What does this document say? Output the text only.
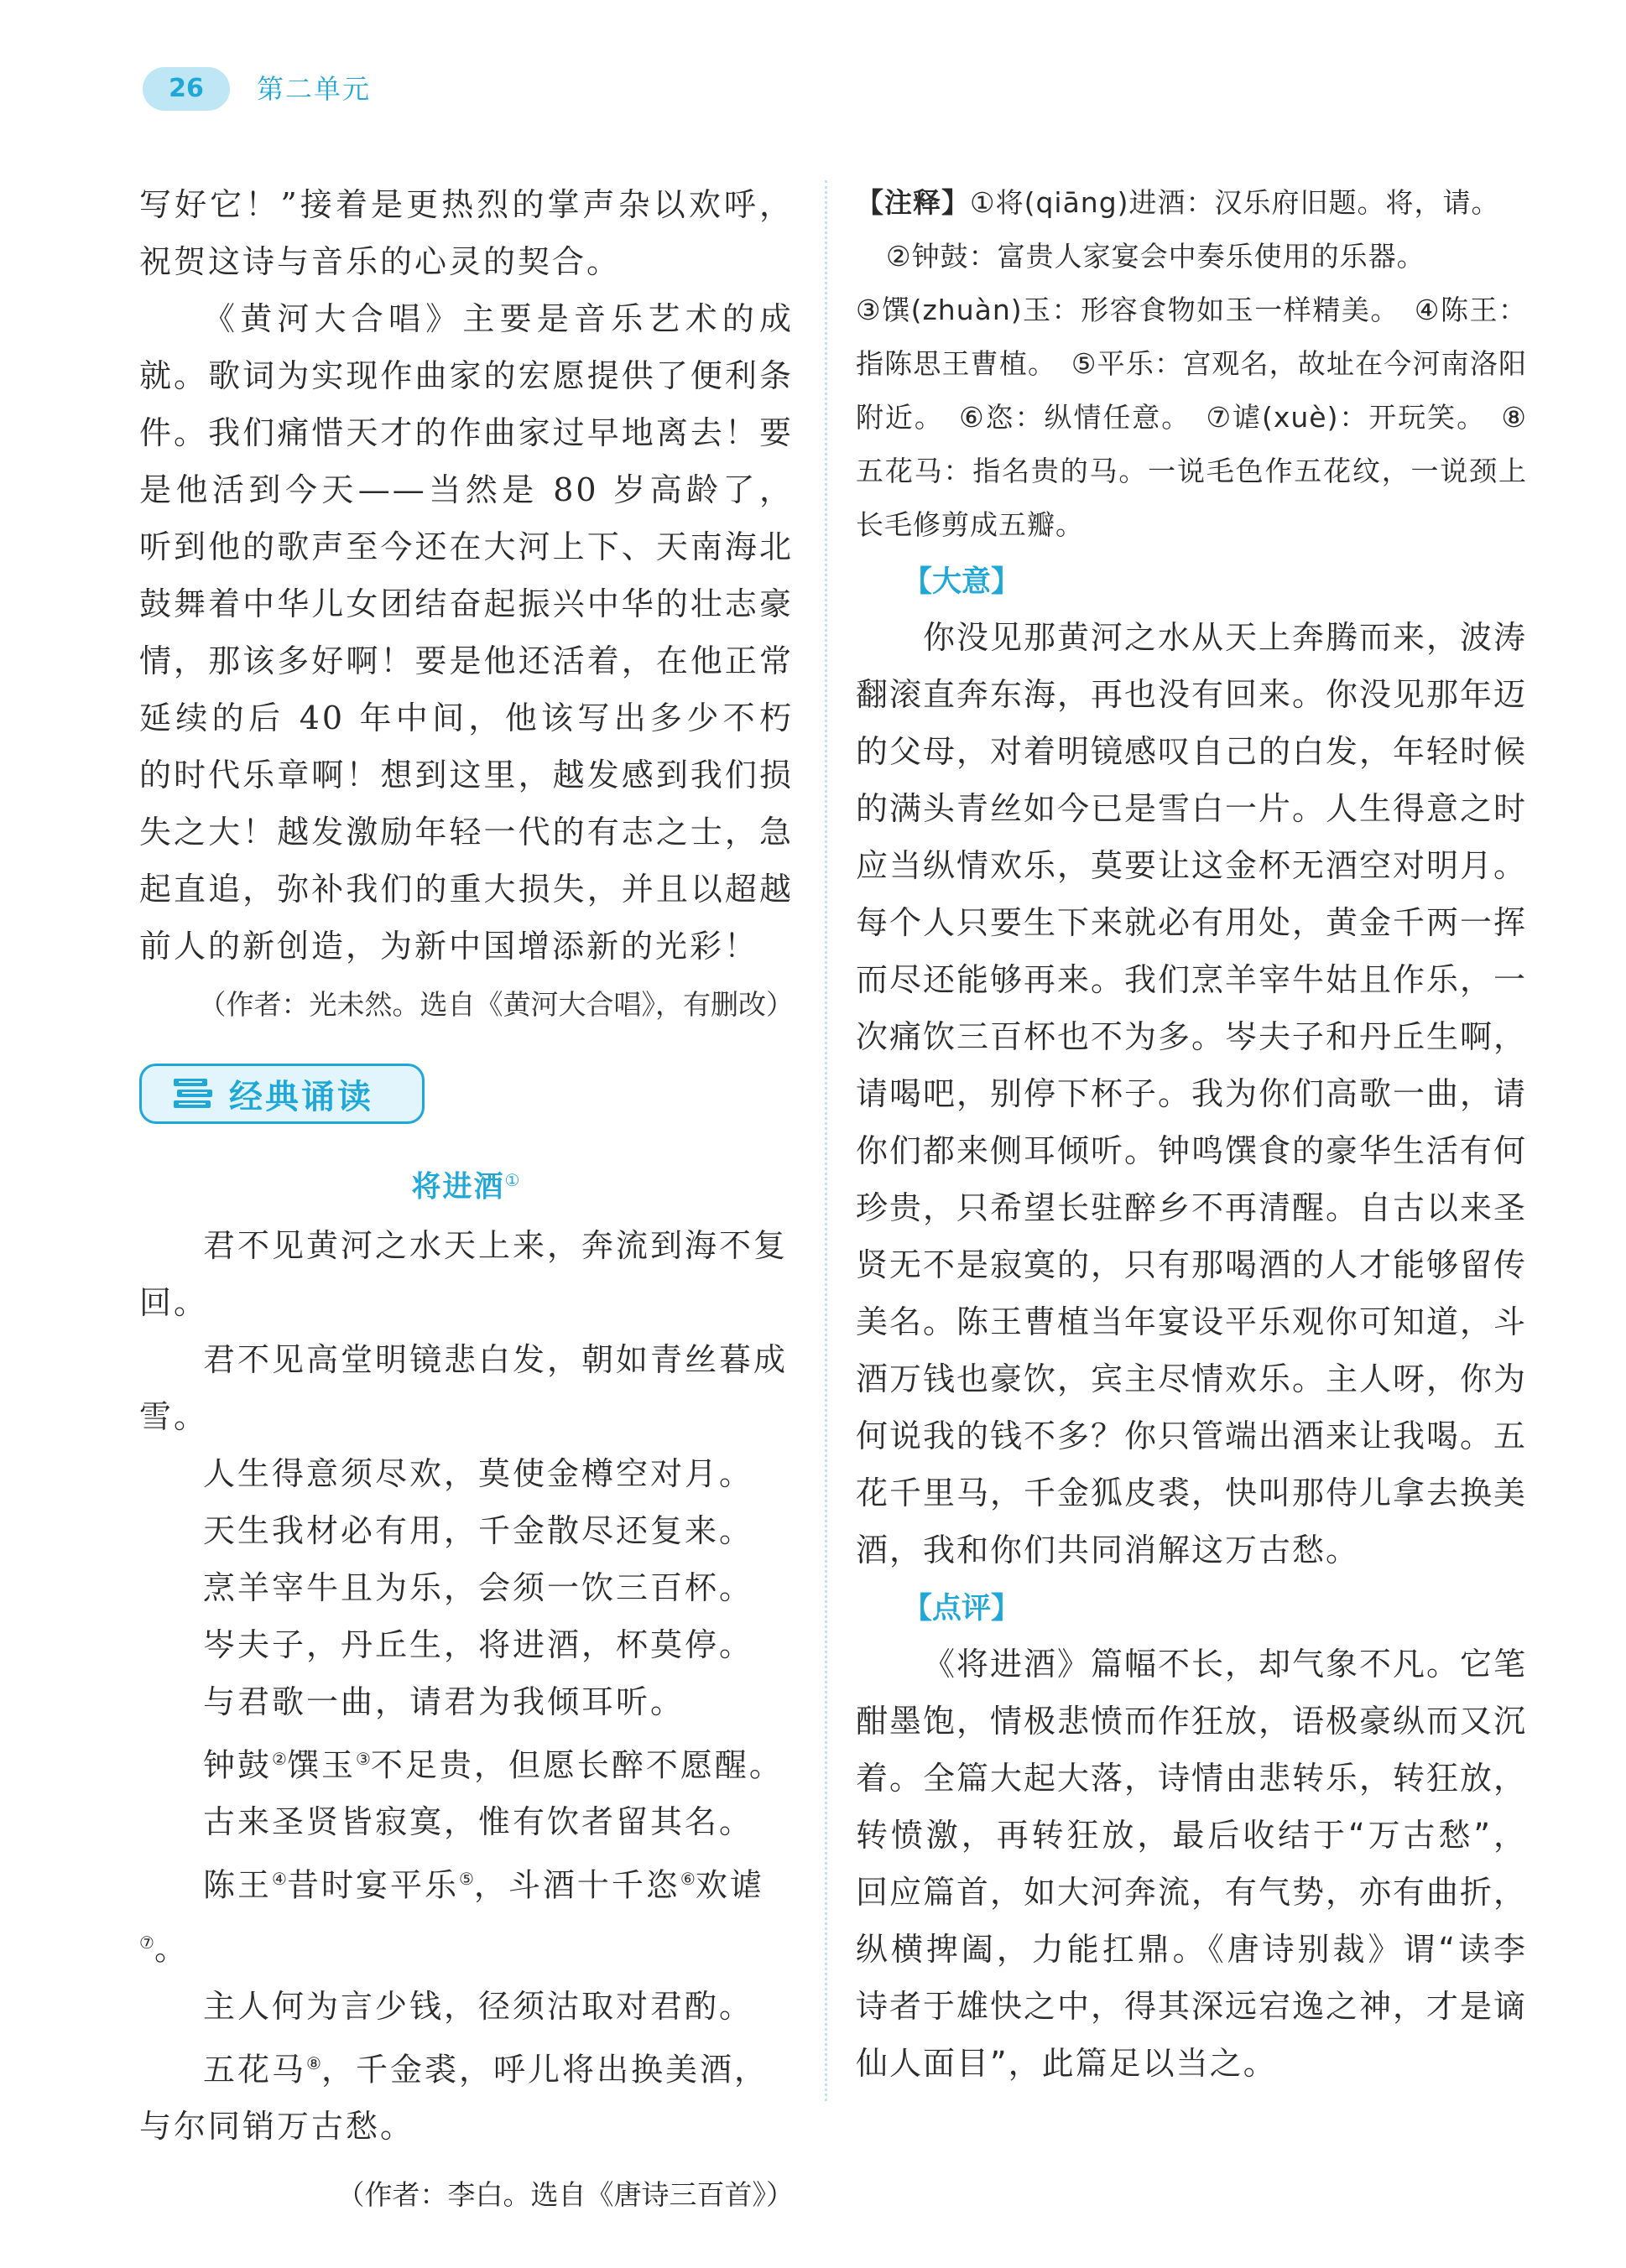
26	第二单元

写好它！”接着是更热烈的掌声杂以欢呼，祝贺这诗与音乐的心灵的契合。

《黄河大合唱》主要是音乐艺术的成就。歌词为实现作曲家的宏愿提供了便利条件。我们痛惜天才的作曲家过早地离去！要是他活到今天——当然是 80 岁高龄了，听到他的歌声至今还在大河上下、天南海北鼓舞着中华儿女团结奋起振兴中华的壮志豪情，那该多好啊！要是他还活着，在他正常延续的后 40 年中间，他该写出多少不朽的时代乐章啊！想到这里，越发感到我们损失之大！越发激励年轻一代的有志之士，急起直追，弥补我们的重大损失，并且以超越前人的新创造，为新中国增添新的光彩！

（作者：光未然。选自《黄河大合唱》，有删改）
经典诵读
将进酒①

君不见黄河之水天上来，奔流到海不复回。

君不见高堂明镜悲白发，朝如青丝暮成雪。

人生得意须尽欢，莫使金樽空对月。

天生我材必有用，千金散尽还复来。

烹羊宰牛且为乐，会须一饮三百杯。

岑夫子，丹丘生，将进酒，杯莫停。

与君歌一曲，请君为我倾耳听。

钟鼓②馔玉③不足贵，但愿长醉不愿醒。

古来圣贤皆寂寞，惟有饮者留其名。

陈王④昔时宴平乐⑤，斗酒十千恣⑥欢谑⑦。

主人何为言少钱，径须沽取对君酌。

五花马⑧，千金裘，呼儿将出换美酒，与尔同销万古愁。

（作者：李白。选自《唐诗三百首》）

【注释】①将(qiāng)进酒：汉乐府旧题。将，请。

②钟鼓：富贵人家宴会中奏乐使用的乐器。

③馔(zhuàn)玉：形容食物如玉一样精美。　④陈王：指陈思王曹植。　⑤平乐：宫观名，故址在今河南洛阳附近。　⑥恣：纵情任意。　⑦谑(xuè)：开玩笑。　⑧五花马：指名贵的马。一说毛色作五花纹，一说颈上长毛修剪成五瓣。

【大意】

你没见那黄河之水从天上奔腾而来，波涛翻滚直奔东海，再也没有回来。你没见那年迈的父母，对着明镜感叹自己的白发，年轻时候的满头青丝如今已是雪白一片。人生得意之时应当纵情欢乐，莫要让这金杯无酒空对明月。每个人只要生下来就必有用处，黄金千两一挥而尽还能够再来。我们烹羊宰牛姑且作乐，一次痛饮三百杯也不为多。岑夫子和丹丘生啊，请喝吧，别停下杯子。我为你们高歌一曲，请你们都来侧耳倾听。钟鸣馔食的豪华生活有何珍贵，只希望长驻醉乡不再清醒。自古以来圣贤无不是寂寞的，只有那喝酒的人才能够留传美名。陈王曹植当年宴设平乐观你可知道，斗酒万钱也豪饮，宾主尽情欢乐。主人呀，你为何说我的钱不多？你只管端出酒来让我喝。五花千里马，千金狐皮裘，快叫那侍儿拿去换美酒，我和你们共同消解这万古愁。

【点评】

《将进酒》篇幅不长，却气象不凡。它笔酣墨饱，情极悲愤而作狂放，语极豪纵而又沉着。全篇大起大落，诗情由悲转乐，转狂放，转愤激，再转狂放，最后收结于“万古愁”，回应篇首，如大河奔流，有气势，亦有曲折，纵横捭阖，力能扛鼎。《唐诗别裁》谓“读李诗者于雄快之中，得其深远宕逸之神，才是谪仙人面目”，此篇足以当之。
